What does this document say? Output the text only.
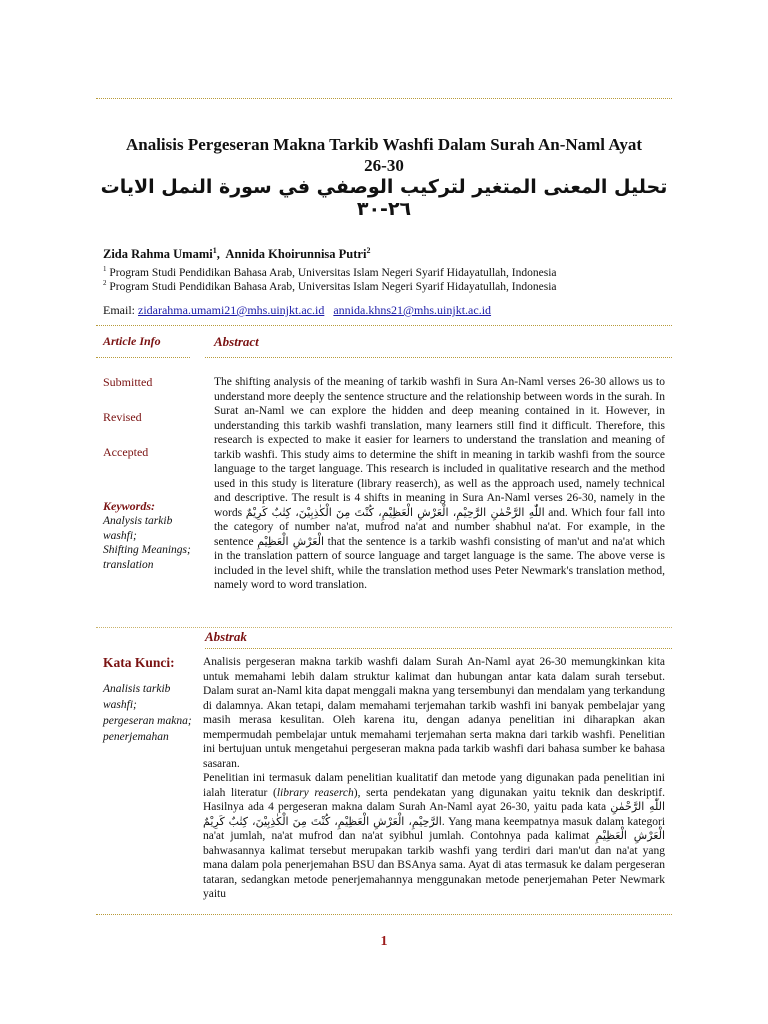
Analisis Pergeseran Makna Tarkib Washfi Dalam Surah An-Naml Ayat
26-30
تحليل المعنى المتغير لتركيب الوصفي في سورة النمل الايات ٢٦-٣٠
Zida Rahma Umami$^1$,  Annida Khoirunnisa Putri$^2$
$^1$ Program Studi Pendidikan Bahasa Arab, Universitas Islam Negeri Syarif Hidayatullah, Indonesia
$^2$ Program Studi Pendidikan Bahasa Arab, Universitas Islam Negeri Syarif Hidayatullah, Indonesia
Email: zidarahma.umami21@mhs.uinjkt.ac.id annida.khns21@mhs.uinjkt.ac.id
Article Info	Abstract
Submitted
Revised
Accepted
Keywords:
Analysis tarkib washfi;
Shifting Meanings;
translation

The shifting analysis of the meaning of tarkib washfi in Sura An-Naml verses 26-30 allows us to understand more deeply the sentence structure and the relationship between words in the surah. In Surat an-Naml we can explore the hidden and deep meaning contained in it. However, in understanding this tarkib washfi translation, many learners still find it difficult. Therefore, this research is expected to make it easier for learners to understand the translation and meaning of tarkib washfi. This study aims to determine the shift in meaning in tarkib washfi from the source language to the target language. This research is included in qualitative research and the method used in this study is literature (library reaserch), as well as the approach used, namely technical and descriptive. The result is 4 shifts in meaning in Sura An-Naml verses 26-30, namely in the words اللّٰهِ الرَّحْمٰنِ الرَّحِيْمِ، الْعَرْشِ الْعَظِيْمِ، كُنْتَ مِنَ الْكٰذِبِيْنَ، كِتٰبٌ كَرِيْمٌ and. Which four fall into the category of number na'at, mufrod na'at and number shabhul na'at. For example, in the sentence الْعَرْشِ الْعَظِيْمِ that the sentence is a tarkib washfi consisting of man'ut and na'at which in the translation pattern of source language and target language is the same. The above verse is included in the level shift, while the translation method uses Peter Newmark's translation method, namely word to word translation.

Abstrak
Kata Kunci:
Analisis tarkib washfi;
pergeseran makna;
penerjemahan

Analisis pergeseran makna tarkib washfi dalam Surah An-Naml ayat 26-30 memungkinkan kita untuk memahami lebih dalam struktur kalimat dan hubungan antar kata dalam surah tersebut. Dalam surat an-Naml kita dapat menggali makna yang tersembunyi dan mendalam yang terkandung di dalamnya. Akan tetapi, dalam memahami terjemahan tarkib washfi ini banyak pembelajar yang masih merasa kesulitan. Oleh karena itu, dengan adanya penelitian ini diharapkan akan mempermudah pembelajar untuk memahami terjemahan serta makna dari tarkib washfi. Penelitian ini bertujuan untuk mengetahui pergeseran makna pada tarkib washfi dari bahasa sumber ke bahasa sasaran.
Penelitian ini termasuk dalam penelitian kualitatif dan metode yang digunakan pada penelitian ini ialah literatur (library reaserch), serta pendekatan yang digunakan yaitu teknik dan deskriptif. Hasilnya ada 4 pergeseran makna dalam Surah An-Naml ayat 26-30, yaitu pada kata اللّٰهِ الرَّحْمٰنِ الرَّحِيْمِ، الْعَرْشِ الْعَظِيْمِ، كُنْتَ مِنَ الْكٰذِبِيْنَ، كِتٰبٌ كَرِيْمٌ. Yang mana keempatnya masuk dalam kategori na'at jumlah, na'at mufrod dan na'at syibhul jumlah. Contohnya pada kalimat الْعَرْشِ الْعَظِيْمِ bahwasannya kalimat tersebut merupakan tarkib washfi yang terdiri dari man'ut dan na'at yang mana dalam pola penerjemahan BSU dan BSAnya sama. Ayat di atas termasuk ke dalam pergeseran tataran, sedangkan metode penerjemahannya menggunakan metode penerjemahan Peter Newmark yaitu

1
